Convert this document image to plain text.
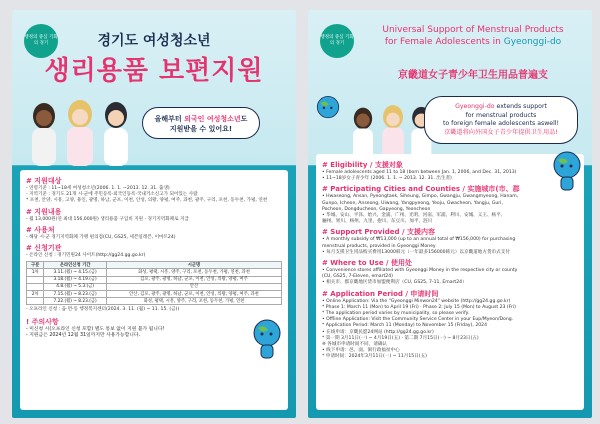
행정의 중심 기회의 경기	경기도 여성청소년
생리용품 보편지원
올해부터 외국인 여성청소년도
지원받을 수 있어요!
# 지원대상
- 연령기준 : 11~18세 여성청소년(2006. 1. 1. ~2013. 12. 31. 출생)
- 지역기준 : 경기도 21개 시·군에 주민등록·외국인등록·국내거소신고가 되어있는 사람
* 포천, 안양, 시흥, 고양, 용인, 광명, 하남, 군포, 이천, 안성, 의왕, 양평, 여주, 과천, 광주, 구리, 포천, 동두천, 가평, 연천
# 지원내용
- 월 13,000원(연 최대 156,000원) 생리용품 구입비 지원 · 경기지역화폐로 지급
# 사용처
- 해당 시·군 경기지역화폐 가맹 편의점(CU, GS25, 세븐일레븐, 이마트24)
# 신청기관
- 온라인 신청 : 경기민원24 사이트(http://gg24.gg.go.kr)
구분	온라인신청 기간	시군명
1차	3.11.(월) ~ 4.15.(금)	화성, 평택, 시흥, 양주, 구리, 포천, 동두천, 가평, 연천, 과천
	3.18.(월) ~ 4.19.(금)	김포, 광주, 광명, 하남, 군포, 이천, 안성, 의왕, 양평, 여주
	4.8.(월) ~ 5.3.(금)	안산
2차	7.15.(월) ~ 8.23.(금)	안산, 김포, 광주, 광명, 하남, 군포, 이천, 안성, 의왕, 양평, 여주, 과천
	7.22.(월) ~ 8.23.(금)	화성, 평택, 시흥, 양주, 구리, 포천, 동두천, 가평, 연천
- 오프라인 신청 : 읍·면·동 행정복지센터(2024. 3. 11. (월) ~ 11. 15. (금))
! 주의사항
- 미신청 시(오프라인 신청 포함) 별도 통보 없이 지원 불가 됩니다!
- 지원금은 2024년 12월 31일까지만 사용가능합니다.
행정의 중심 기회의 경기
Universal Support of Menstrual Products
for Female Adolescents in Gyeonggi-do
京畿道女子青少年卫生用品普遍支
Gyeonggi-do extends support
for menstrual products
to foreign female adolescents aswell!
京畿道将向外国女子青少年提供卫生用品!
# Eligibility / 支援对象
• Female adolescents aged 11 to 18 (born between Jan. 1, 2006, and Dec. 31, 2013)
• 11~18岁女子青少年 (2006. 1. 1. ~ 2013. 12. 31. 出生者)
# Participating Cities and Counties / 实施城市(市、郡
• Hwaseong, Ansan, Pyeongtaek, Siheung, Gimpo, Gwangju, Gwangmyeong, Hanam,
Gunpo, Icheon, Anseong, Uiwang, Yangpyeong, Yeoju, Gwacheon, Yangju, Guri,
Pocheon, Dongducheon, Gapyeong, Yeoncheon
• 华城、安山、平泽、始兴、金浦、广州、光明、河南、军浦、利川、安城、义王、杨平、
骊州、果川、杨州、九里、抱川、东豆川、加平、涟川
# Support Provided / 支援内容
• A monthly subsidy of ₩13,000 (up to an annual total of ₩156,000) for purchasing
menstrual products, provided in Gyeonggi Money
• 每月支援卫生用品购买费用13000韩元（一年最多156000韩元）以京畿道地方货币式支付
# Where to Use / 使用处
• Convenience stores affiliated with Gyeonggi Money in the respective city or county
(CU, GS25, 7-Eleven, emart24)
• 相关市、郡京畿地区货币加盟便利店（CU, GS25, 7-11, Emart24）
# Application Period / 申请时间
• Online Application: Via the "Gyeonggi Minwon24" website (http://gg24.gg.go.kr)
* Phase 1: March 11 (Mon) to April 19 (Fri) · Phase 2: July 15 (Mon) to August 23 (Fri)
* The application period varies by municipality, so please verify.
• Offline Application: Visit the Community Service Center in your Eup/Myeon/Dong.
* Application Period: March 11 (Monday) to November 15 (Friday), 2024
• 在线申请：京畿民愿24网站 (http://gg24.gg.go.kr)
* 第一期 3月11日(一) ~ 4月19日(五) · 第二期 7月15日(一) ~ 8月23日(五)
※ 各城市申请时间不同，请确认
• 线下申请：邑、面、洞行政福祉中心
* 申请时间：2024年3月11日(一) ~ 11月15日(五)
